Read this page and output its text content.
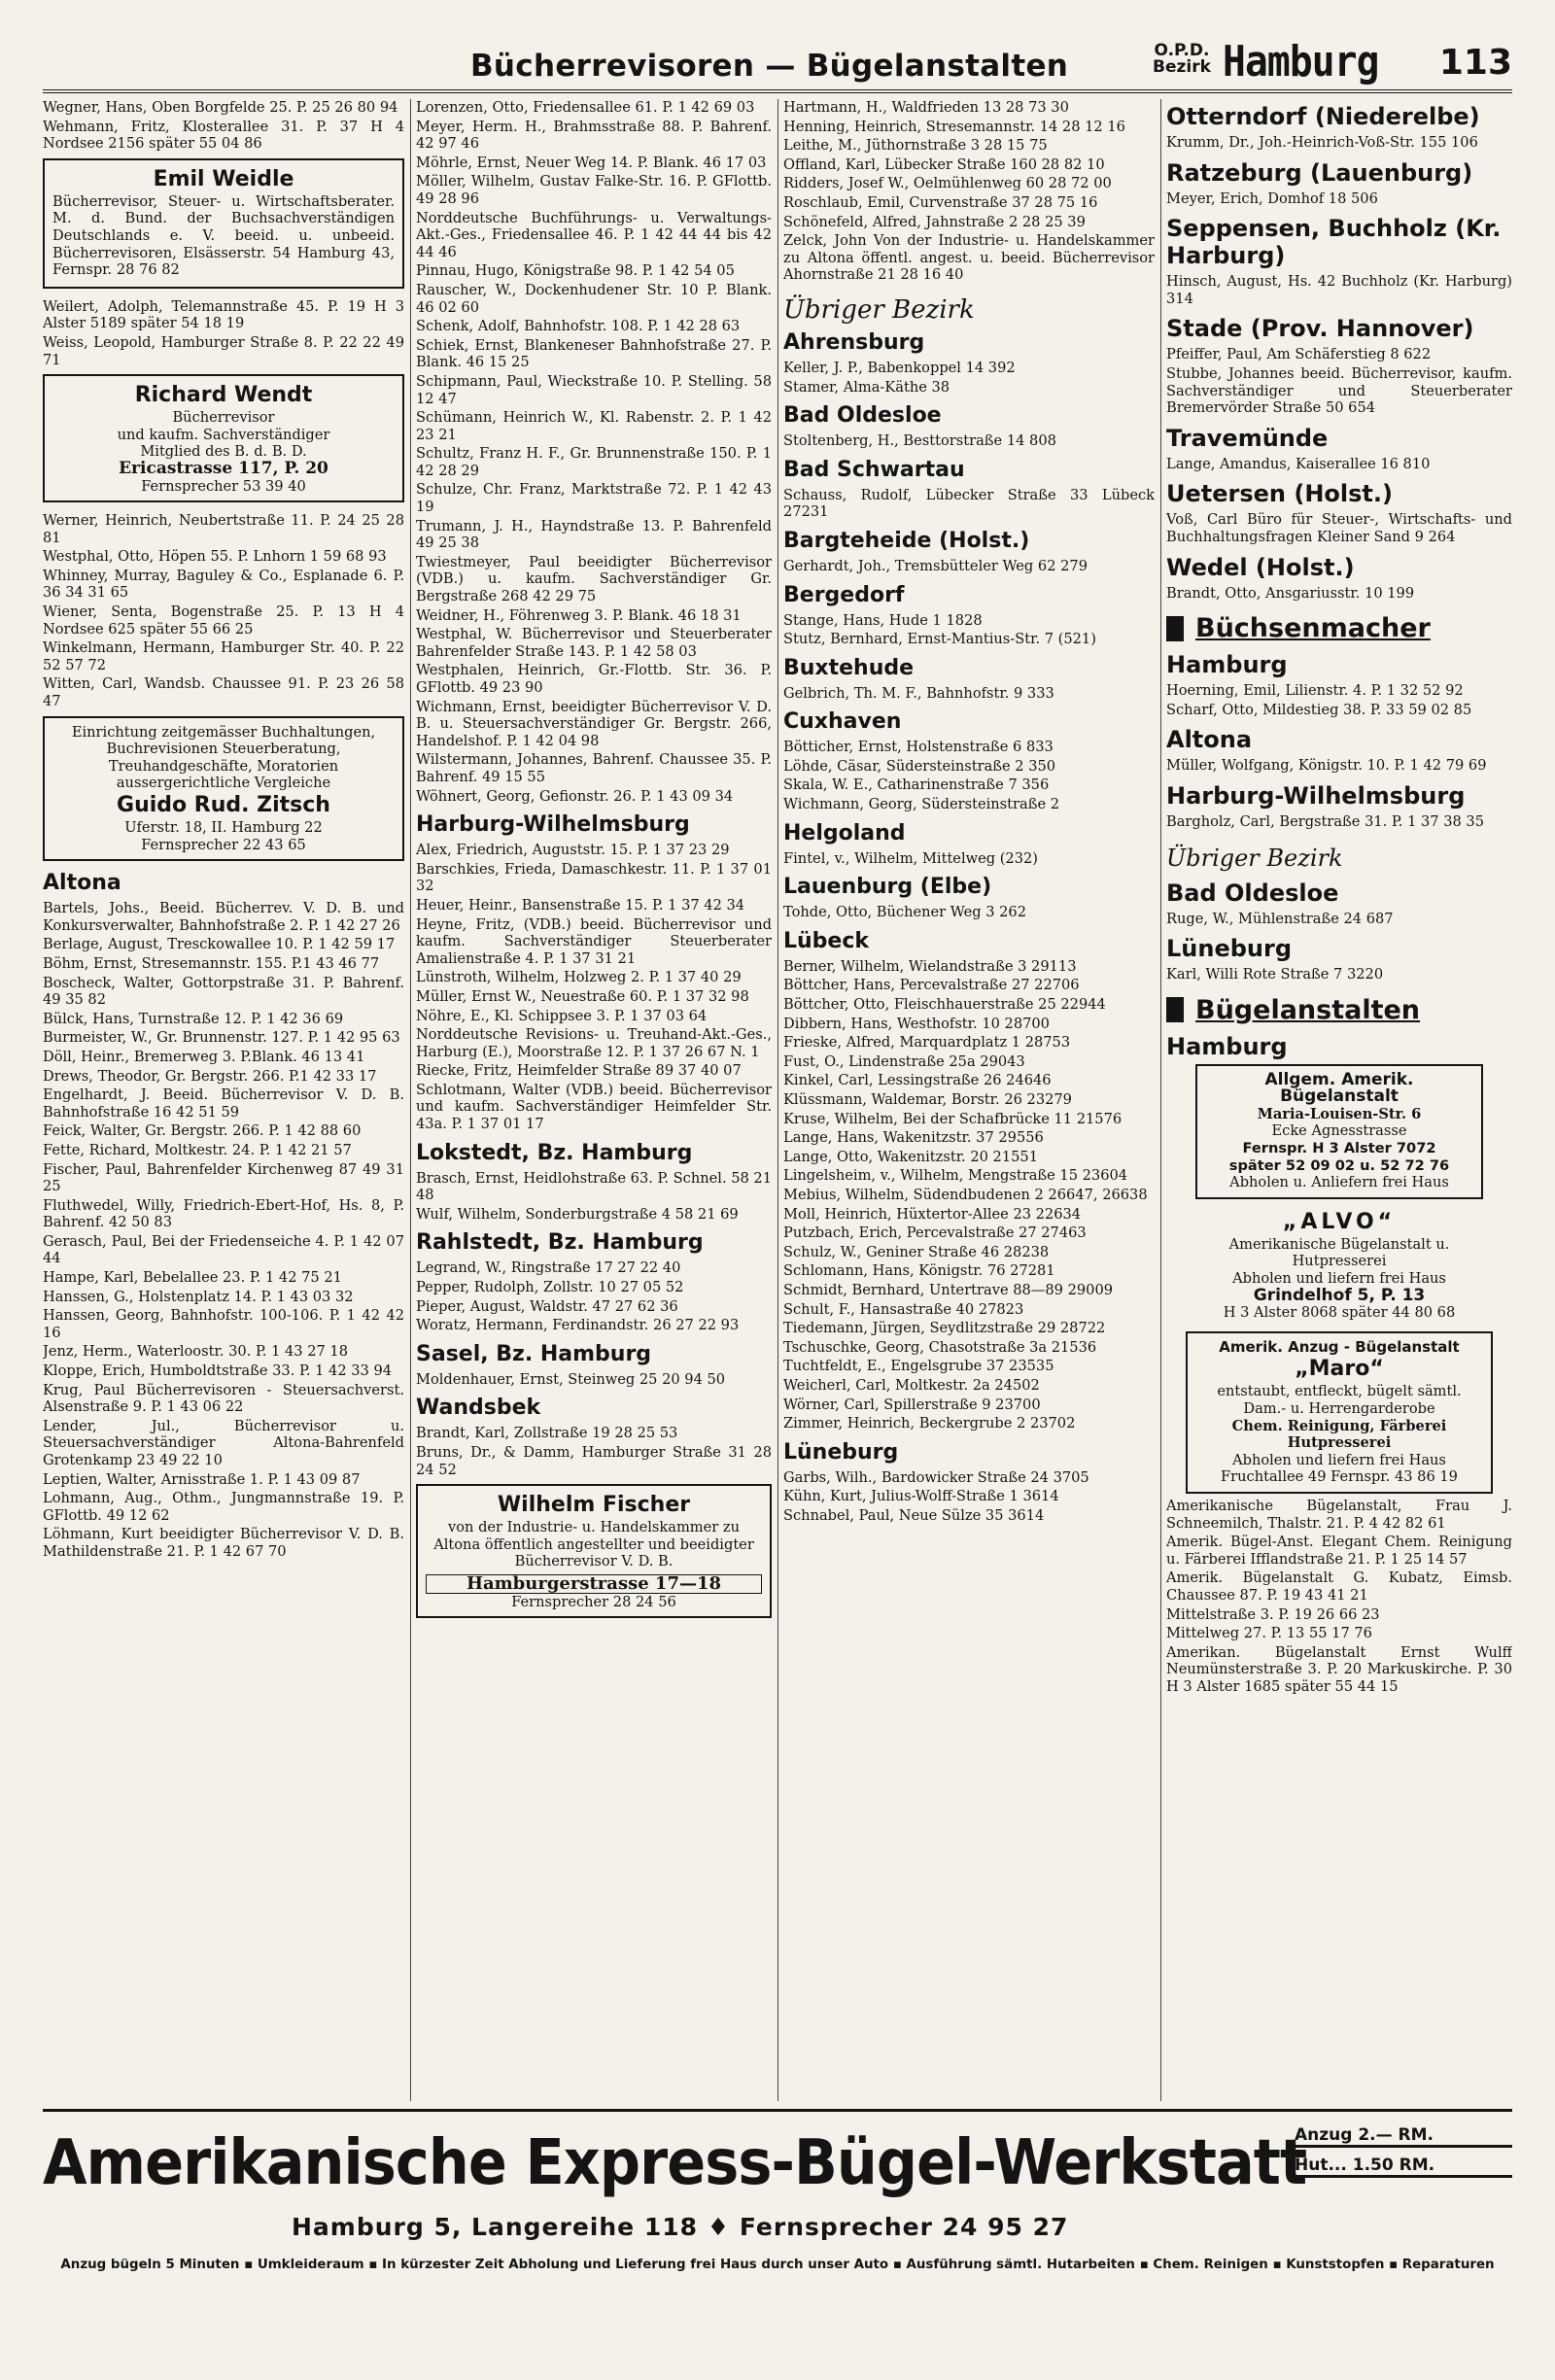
Bücherrevisoren — Bügelanstalten	O.P.D.
Bezirk Hamburg 113
Wegner, Hans, Oben Borgfelde 25. P. 25 26 80 94
Wehmann, Fritz, Klosterallee 31. P. 37 H 4 Nordsee 2156 später 55 04 86
Emil Weidle
Bücherrevisor, Steuer- u. Wirtschaftsberater. M. d. Bund. der Buchsachverständigen Deutschlands e. V. beeid. u. unbeeid. Bücherrevisoren, Elsässerstr. 54 Hamburg 43, Fernspr. 28 76 82
Weilert, Adolph, Telemannstraße 45. P. 19 H 3 Alster 5189 später 54 18 19
Weiss, Leopold, Hamburger Straße 8. P. 22 22 49 71
Richard Wendt
Bücherrevisor
und kaufm. Sachverständiger
Mitglied des B. d. B. D.
Ericastrasse 117, P. 20
Fernsprecher 53 39 40
Werner, Heinrich, Neubertstraße 11. P. 24 25 28 81
Westphal, Otto, Höpen 55. P. Lnhorn 1 59 68 93
Whinney, Murray, Baguley & Co., Esplanade 6. P. 36 34 31 65
Wiener, Senta, Bogenstraße 25. P. 13 H 4 Nordsee 625 später 55 66 25
Winkelmann, Hermann, Hamburger Str. 40. P. 22 52 57 72
Witten, Carl, Wandsb. Chaussee 91. P. 23 26 58 47
Einrichtung zeitgemässer Buchhaltungen, Buchrevisionen Steuerberatung, Treuhandgeschäfte, Moratorien aussergerichtliche Vergleiche
Guido Rud. Zitsch
Uferstr. 18, II. Hamburg 22
Fernsprecher 22 43 65
Altona
Bartels, Johs., Beeid. Bücherrev. V. D. B. und Konkursverwalter, Bahnhofstraße 2. P. 1 42 27 26
Berlage, August, Tresckowallee 10. P. 1 42 59 17
Böhm, Ernst, Stresemannstr. 155. P.1 43 46 77
Boscheck, Walter, Gottorpstraße 31. P. Bahrenf. 49 35 82
Bülck, Hans, Turnstraße 12. P. 1 42 36 69
Burmeister, W., Gr. Brunnenstr. 127. P. 1 42 95 63
Döll, Heinr., Bremerweg 3. P.Blank. 46 13 41
Drews, Theodor, Gr. Bergstr. 266. P.1 42 33 17
Engelhardt, J. Beeid. Bücherrevisor V. D. B. Bahnhofstraße 16 42 51 59
Feick, Walter, Gr. Bergstr. 266. P. 1 42 88 60
Fette, Richard, Moltkestr. 24. P. 1 42 21 57
Fischer, Paul, Bahrenfelder Kirchenweg 87 49 31 25
Fluthwedel, Willy, Friedrich-Ebert-Hof, Hs. 8, P. Bahrenf. 42 50 83
Gerasch, Paul, Bei der Friedenseiche 4. P. 1 42 07 44
Hampe, Karl, Bebelallee 23. P. 1 42 75 21
Hanssen, G., Holstenplatz 14. P. 1 43 03 32
Hanssen, Georg, Bahnhofstr. 100-106. P. 1 42 42 16
Jenz, Herm., Waterloostr. 30. P. 1 43 27 18
Kloppe, Erich, Humboldtstraße 33. P. 1 42 33 94
Krug, Paul Bücherrevisoren - Steuersachverst. Alsenstraße 9. P. 1 43 06 22
Lender, Jul., Bücherrevisor u. Steuersachverständiger Altona-Bahrenfeld Grotenkamp 23 49 22 10
Leptien, Walter, Arnisstraße 1. P. 1 43 09 87
Lohmann, Aug., Othm., Jungmannstraße 19. P. GFlottb. 49 12 62
Löhmann, Kurt beeidigter Bücherrevisor V. D. B. Mathildenstraße 21. P. 1 42 67 70
Lorenzen, Otto, Friedensallee 61. P. 1 42 69 03
Meyer, Herm. H., Brahmsstraße 88. P. Bahrenf. 42 97 46
Möhrle, Ernst, Neuer Weg 14. P. Blank. 46 17 03
Möller, Wilhelm, Gustav Falke-Str. 16. P. GFlottb. 49 28 96
Norddeutsche Buchführungs- u. Verwaltungs-Akt.-Ges., Friedensallee 46. P. 1 42 44 44 bis 42 44 46
Pinnau, Hugo, Königstraße 98. P. 1 42 54 05
Rauscher, W., Dockenhudener Str. 10 P. Blank. 46 02 60
Schenk, Adolf, Bahnhofstr. 108. P. 1 42 28 63
Schiek, Ernst, Blankeneser Bahnhofstraße 27. P. Blank. 46 15 25
Schipmann, Paul, Wieckstraße 10. P. Stelling. 58 12 47
Schümann, Heinrich W., Kl. Rabenstr. 2. P. 1 42 23 21
Schultz, Franz H. F., Gr. Brunnenstraße 150. P. 1 42 28 29
Schulze, Chr. Franz, Marktstraße 72. P. 1 42 43 19
Trumann, J. H., Hayndstraße 13. P. Bahrenfeld 49 25 38
Twiestmeyer, Paul beeidigter Bücherrevisor (VDB.) u. kaufm. Sachverständiger Gr. Bergstraße 268 42 29 75
Weidner, H., Föhrenweg 3. P. Blank. 46 18 31
Westphal, W. Bücherrevisor und Steuerberater Bahrenfelder Straße 143. P. 1 42 58 03
Westphalen, Heinrich, Gr.-Flottb. Str. 36. P. GFlottb. 49 23 90
Wichmann, Ernst, beeidigter Bücherrevisor V. D. B. u. Steuersachverständiger Gr. Bergstr. 266, Handelshof. P. 1 42 04 98
Wilstermann, Johannes, Bahrenf. Chaussee 35. P. Bahrenf. 49 15 55
Wöhnert, Georg, Gefionstr. 26. P. 1 43 09 34
Harburg-Wilhelmsburg
Alex, Friedrich, Auguststr. 15. P. 1 37 23 29
Barschkies, Frieda, Damaschkestr. 11. P. 1 37 01 32
Heuer, Heinr., Bansenstraße 15. P. 1 37 42 34
Heyne, Fritz, (VDB.) beeid. Bücherrevisor und kaufm. Sachverständiger Steuerberater Amalienstraße 4. P. 1 37 31 21
Lünstroth, Wilhelm, Holzweg 2. P. 1 37 40 29
Müller, Ernst W., Neuestraße 60. P. 1 37 32 98
Nöhre, E., Kl. Schippsee 3. P. 1 37 03 64
Norddeutsche Revisions- u. Treuhand-Akt.-Ges., Harburg (E.), Moorstraße 12. P. 1 37 26 67 N. 1
Riecke, Fritz, Heimfelder Straße 89 37 40 07
Schlotmann, Walter (VDB.) beeid. Bücherrevisor und kaufm. Sachverständiger Heimfelder Str. 43a. P. 1 37 01 17
Lokstedt, Bz. Hamburg
Brasch, Ernst, Heidlohstraße 63. P. Schnel. 58 21 48
Wulf, Wilhelm, Sonderburgstraße 4 58 21 69
Rahlstedt, Bz. Hamburg
Legrand, W., Ringstraße 17 27 22 40
Pepper, Rudolph, Zollstr. 10 27 05 52
Pieper, August, Waldstr. 47 27 62 36
Woratz, Hermann, Ferdinandstr. 26 27 22 93
Sasel, Bz. Hamburg
Moldenhauer, Ernst, Steinweg 25 20 94 50
Wandsbek
Brandt, Karl, Zollstraße 19 28 25 53
Bruns, Dr., & Damm, Hamburger Straße 31 28 24 52
Wilhelm Fischer
von der Industrie- u. Handelskammer zu Altona öffentlich angestellter und beeidigter Bücherrevisor V. D. B.
Hamburgerstrasse 17—18
Fernsprecher 28 24 56
Hartmann, H., Waldfrieden 13 28 73 30
Henning, Heinrich, Stresemannstr. 14 28 12 16
Leithe, M., Jüthornstraße 3 28 15 75
Offland, Karl, Lübecker Straße 160 28 82 10
Ridders, Josef W., Oelmühlenweg 60 28 72 00
Roschlaub, Emil, Curvenstraße 37 28 75 16
Schönefeld, Alfred, Jahnstraße 2 28 25 39
Zelck, John Von der Industrie- u. Handelskammer zu Altona öffentl. angest. u. beeid. Bücherrevisor Ahornstraße 21 28 16 40
Übriger Bezirk
Ahrensburg
Keller, J. P., Babenkoppel 14 392
Stamer, Alma-Käthe 38
Bad Oldesloe
Stoltenberg, H., Besttorstraße 14 808
Bad Schwartau
Schauss, Rudolf, Lübecker Straße 33 Lübeck 27231
Bargteheide (Holst.)
Gerhardt, Joh., Tremsbütteler Weg 62 279
Bergedorf
Stange, Hans, Hude 1 1828
Stutz, Bernhard, Ernst-Mantius-Str. 7 (521)
Buxtehude
Gelbrich, Th. M. F., Bahnhofstr. 9 333
Cuxhaven
Bötticher, Ernst, Holstenstraße 6 833
Löhde, Cäsar, Südersteinstraße 2 350
Skala, W. E., Catharinenstraße 7 356
Wichmann, Georg, Südersteinstraße 2
Helgoland
Fintel, v., Wilhelm, Mittelweg (232)
Lauenburg (Elbe)
Tohde, Otto, Büchener Weg 3 262
Lübeck
Berner, Wilhelm, Wielandstraße 3 29113
Böttcher, Hans, Percevalstraße 27 22706
Böttcher, Otto, Fleischhauerstraße 25 22944
Dibbern, Hans, Westhofstr. 10 28700
Frieske, Alfred, Marquardplatz 1 28753
Fust, O., Lindenstraße 25a 29043
Kinkel, Carl, Lessingstraße 26 24646
Klüssmann, Waldemar, Borstr. 26 23279
Kruse, Wilhelm, Bei der Schafbrücke 11 21576
Lange, Hans, Wakenitzstr. 37 29556
Lange, Otto, Wakenitzstr. 20 21551
Lingelsheim, v., Wilhelm, Mengstraße 15 23604
Mebius, Wilhelm, Südendbudenen 2 26647, 26638
Moll, Heinrich, Hüxtertor-Allee 23 22634
Putzbach, Erich, Percevalstraße 27 27463
Schulz, W., Geniner Straße 46 28238
Schlomann, Hans, Königstr. 76 27281
Schmidt, Bernhard, Untertrave 88—89 29009
Schult, F., Hansastraße 40 27823
Tiedemann, Jürgen, Seydlitzstraße 29 28722
Tschuschke, Georg, Chasotstraße 3a 21536
Tuchtfeldt, E., Engelsgrube 37 23535
Weicherl, Carl, Moltkestr. 2a 24502
Wörner, Carl, Spillerstraße 9 23700
Zimmer, Heinrich, Beckergrube 2 23702
Lüneburg
Garbs, Wilh., Bardowicker Straße 24 3705
Kühn, Kurt, Julius-Wolff-Straße 1 3614
Schnabel, Paul, Neue Sülze 35 3614
Otterndorf (Niederelbe)
Krumm, Dr., Joh.-Heinrich-Voß-Str. 155 106
Ratzeburg (Lauenburg)
Meyer, Erich, Domhof 18 506
Seppensen, Buchholz (Kr. Harburg)
Hinsch, August, Hs. 42 Buchholz (Kr. Harburg) 314
Stade (Prov. Hannover)
Pfeiffer, Paul, Am Schäferstieg 8 622
Stubbe, Johannes beeid. Bücherrevisor, kaufm. Sachverständiger und Steuerberater Bremervörder Straße 50 654
Travemünde
Lange, Amandus, Kaiserallee 16 810
Uetersen (Holst.)
Voß, Carl Büro für Steuer-, Wirtschafts- und Buchhaltungsfragen Kleiner Sand 9 264
Wedel (Holst.)
Brandt, Otto, Ansgariusstr. 10 199
Büchsenmacher
Hamburg
Hoerning, Emil, Lilienstr. 4. P. 1 32 52 92
Scharf, Otto, Mildestieg 38. P. 33 59 02 85
Altona
Müller, Wolfgang, Königstr. 10. P. 1 42 79 69
Harburg-Wilhelmsburg
Bargholz, Carl, Bergstraße 31. P. 1 37 38 35
Übriger Bezirk
Bad Oldesloe
Ruge, W., Mühlenstraße 24 687
Lüneburg
Karl, Willi Rote Straße 7 3220
Bügelanstalten
Hamburg
Allgem. Amerik. Bügelanstalt
Maria-Louisen-Str. 6
Ecke Agnesstrasse
Fernspr. H 3 Alster 7072
später 52 09 02 u. 52 72 76
Abholen u. Anliefern frei Haus
„ALVO“
Amerikanische Bügelanstalt u. Hutpresserei
Abholen und liefern frei Haus
Grindelhof 5, P. 13
H 3 Alster 8068 später 44 80 68
Amerik. Anzug - Bügelanstalt
„Maro“
entstaubt, entfleckt, bügelt sämtl. Dam.- u. Herrengarderobe
Chem. Reinigung, Färberei Hutpresserei
Abholen und liefern frei Haus
Fruchtallee 49 Fernspr. 43 86 19
Amerikanische Bügelanstalt, Frau J. Schneemilch, Thalstr. 21. P. 4 42 82 61
Amerik. Bügel-Anst. Elegant Chem. Reinigung u. Färberei Ifflandstraße 21. P. 1 25 14 57
Amerik. Bügelanstalt G. Kubatz, Eimsb. Chaussee 87. P. 19 43 41 21
Mittelstraße 3. P. 19 26 66 23
Mittelweg 27. P. 13 55 17 76
Amerikan. Bügelanstalt Ernst Wulff Neumünsterstraße 3. P. 20 Markuskirche. P. 30 H 3 Alster 1685 später 55 44 15
Amerikanische Express-Bügel-Werkstatt
Anzug 2.— RM.
Hut... 1.50 RM.
Hamburg 5, Langereihe 118 ♦ Fernsprecher 24 95 27
Anzug bügeln 5 Minuten ▪ Umkleideraum ▪ In kürzester Zeit Abholung und Lieferung frei Haus durch unser Auto ▪ Ausführung sämtl. Hutarbeiten ▪ Chem. Reinigen ▪ Kunststopfen ▪ Reparaturen
